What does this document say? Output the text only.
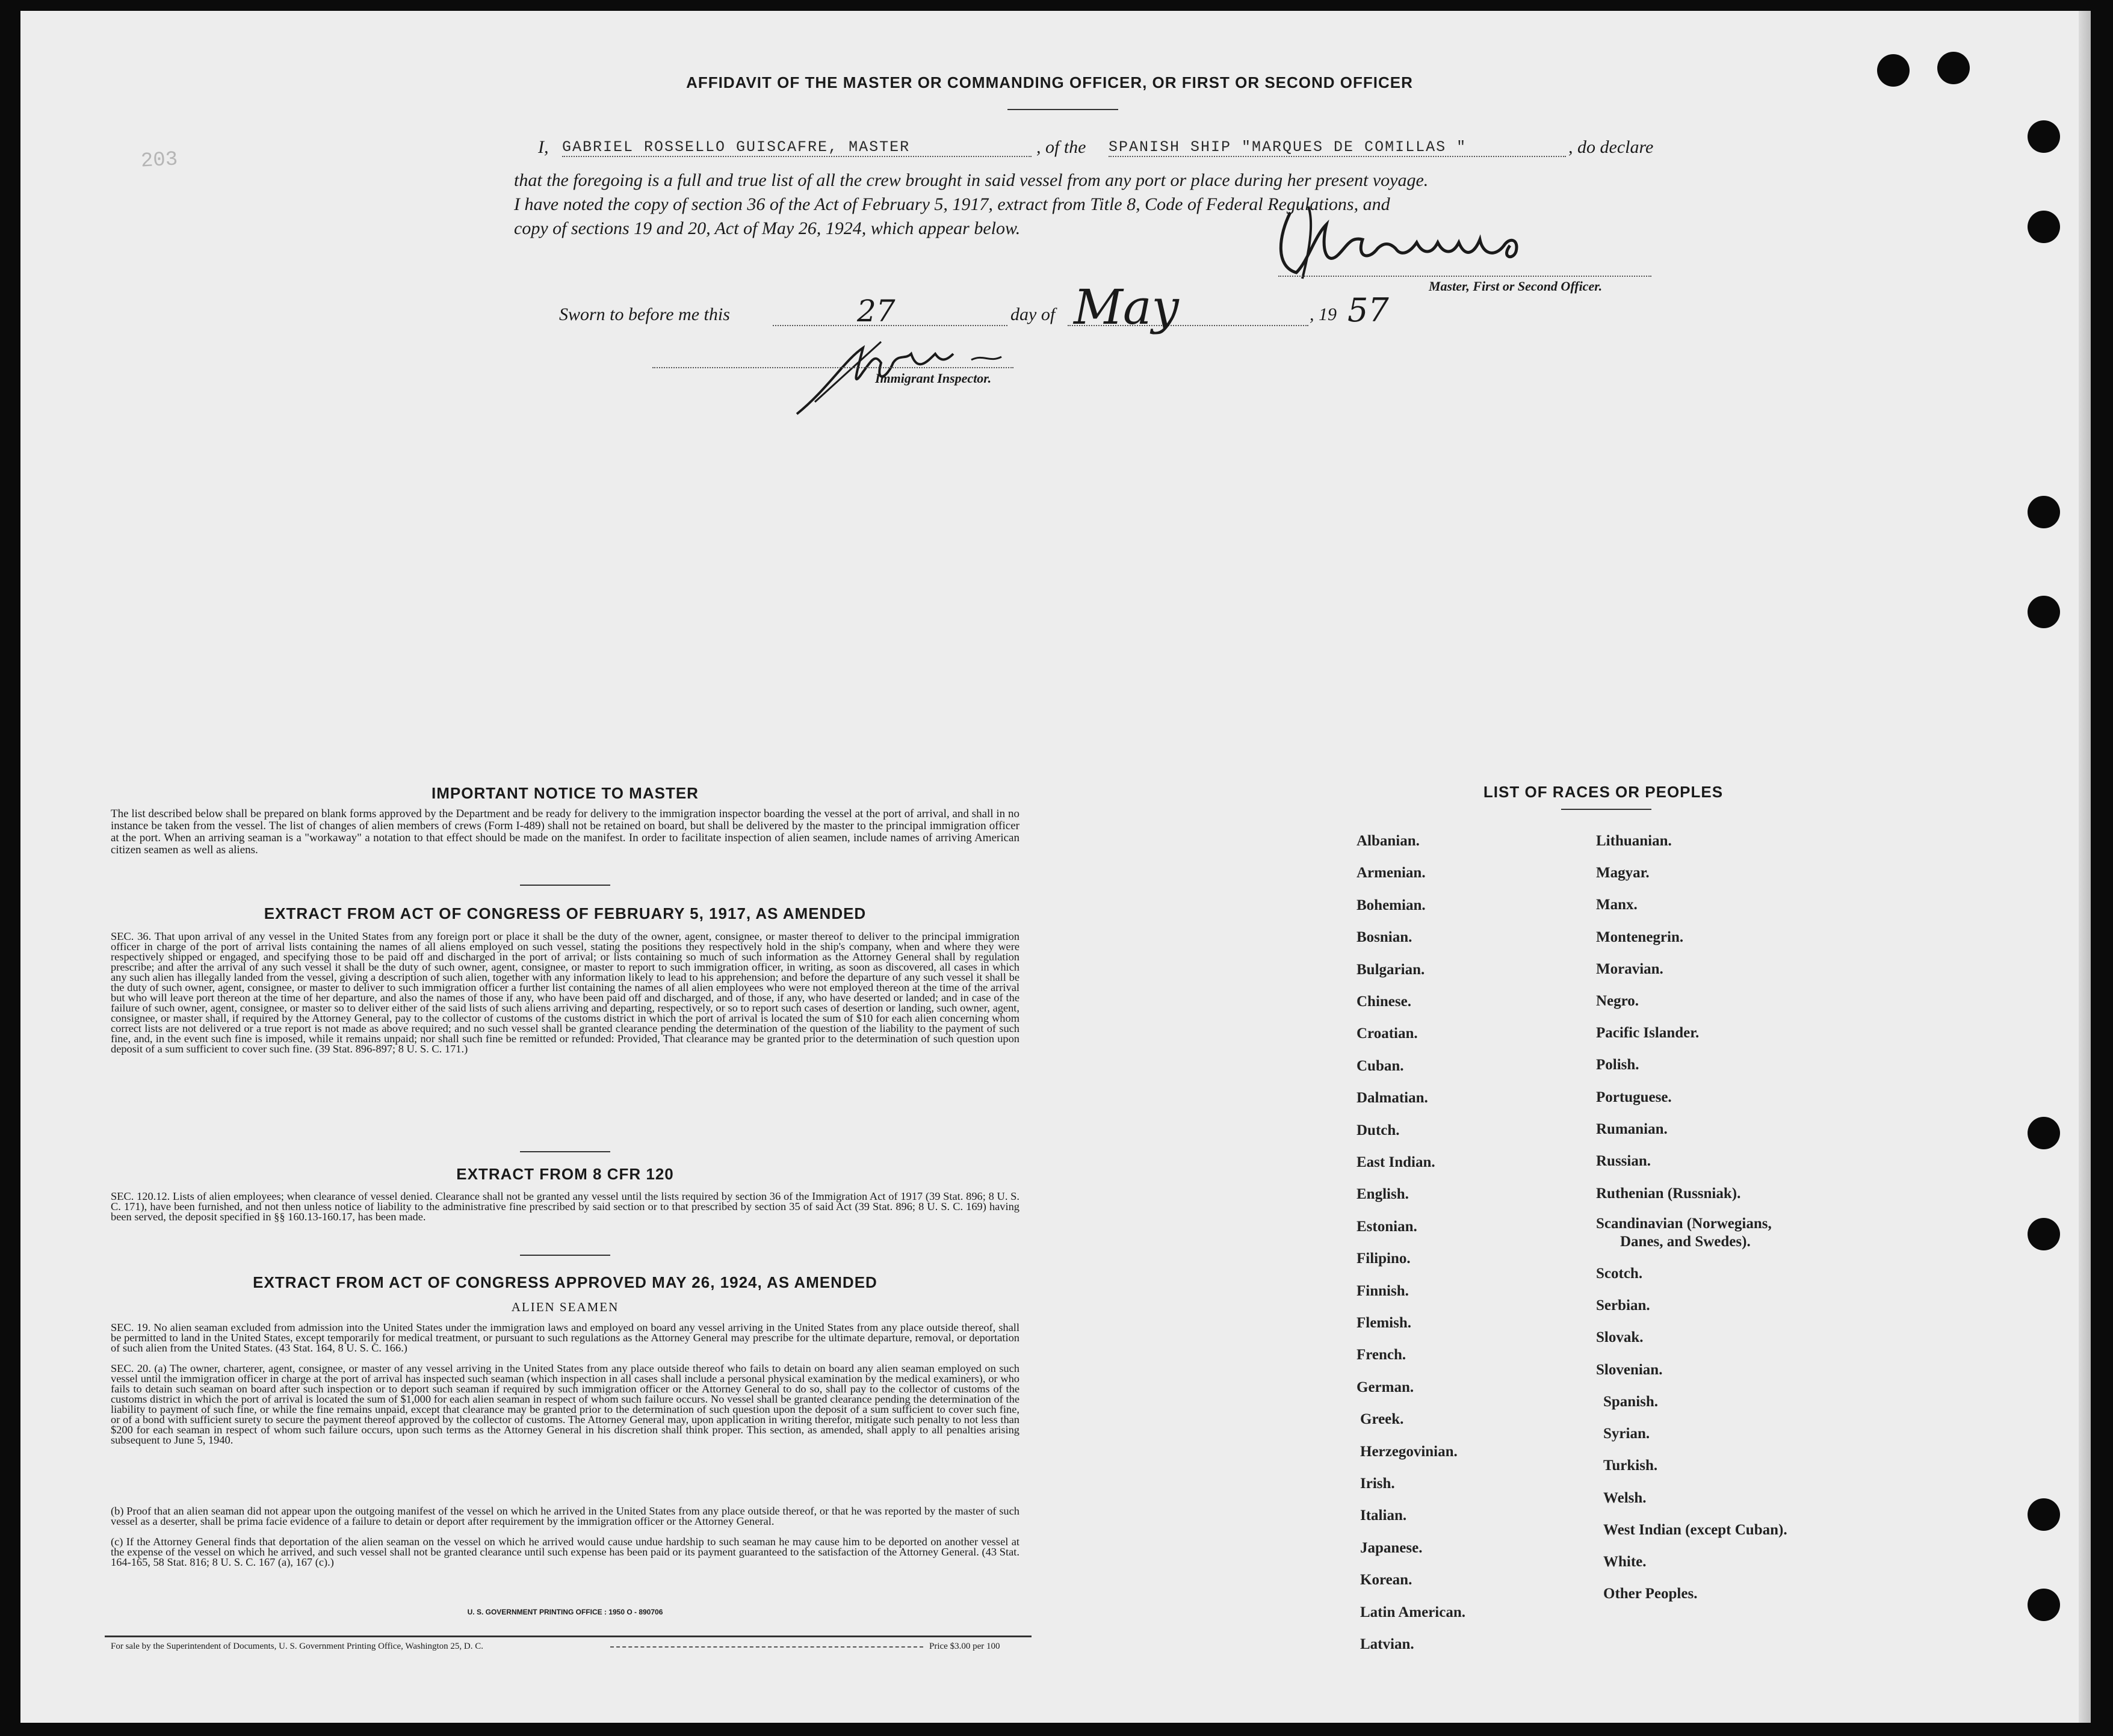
203
AFFIDAVIT OF THE MASTER OR COMMANDING OFFICER, OR FIRST OR SECOND OFFICER
I, GABRIEL ROSSELLO GUISCAFRE, MASTER	, of the SPANISH SHIP "MARQUES DE COMILLAS "	, do declare
that the foregoing is a full and true list of all the crew brought in said vessel from any port or place during her present voyage.
I have noted the copy of section 36 of the Act of February 5, 1917, extract from Title 8, Code of Federal Regulations, and
copy of sections 19 and 20, Act of May 26, 1924, which appear below.
Master, First or Second Officer.
Sworn to before me this	27	day of May	, 19 57
Immigrant Inspector.
IMPORTANT NOTICE TO MASTER
The list described below shall be prepared on blank forms approved by the Department and be ready for delivery to the immigration inspector boarding the vessel at the port of arrival, and shall in no instance be taken from the vessel. The list of changes of alien members of crews (Form I-489) shall not be retained on board, but shall be delivered by the master to the principal immigration officer at the port. When an arriving seaman is a "workaway" a notation to that effect should be made on the manifest. In order to facilitate inspection of alien seamen, include names of arriving American citizen seamen as well as aliens.
EXTRACT FROM ACT OF CONGRESS OF FEBRUARY 5, 1917, AS AMENDED
SEC. 36. That upon arrival of any vessel in the United States from any foreign port or place it shall be the duty of the owner, agent, consignee, or master thereof to deliver to the principal immigration officer in charge of the port of arrival lists containing the names of all aliens employed on such vessel, stating the positions they respectively hold in the ship's company, when and where they were respectively shipped or engaged, and specifying those to be paid off and discharged in the port of arrival; or lists containing so much of such information as the Attorney General shall by regulation prescribe; and after the arrival of any such vessel it shall be the duty of such owner, agent, consignee, or master to report to such immigration officer, in writing, as soon as discovered, all cases in which any such alien has illegally landed from the vessel, giving a description of such alien, together with any information likely to lead to his apprehension; and before the departure of any such vessel it shall be the duty of such owner, agent, consignee, or master to deliver to such immigration officer a further list containing the names of all alien employees who were not employed thereon at the time of the arrival but who will leave port thereon at the time of her departure, and also the names of those if any, who have been paid off and discharged, and of those, if any, who have deserted or landed; and in case of the failure of such owner, agent, consignee, or master so to deliver either of the said lists of such aliens arriving and departing, respectively, or so to report such cases of desertion or landing, such owner, agent, consignee, or master shall, if required by the Attorney General, pay to the collector of customs of the customs district in which the port of arrival is located the sum of $10 for each alien concerning whom correct lists are not delivered or a true report is not made as above required; and no such vessel shall be granted clearance pending the determination of the question of the liability to the payment of such fine, and, in the event such fine is imposed, while it remains unpaid; nor shall such fine be remitted or refunded: Provided, That clearance may be granted prior to the determination of such question upon deposit of a sum sufficient to cover such fine. (39 Stat. 896-897; 8 U. S. C. 171.)
EXTRACT FROM 8 CFR 120
SEC. 120.12. Lists of alien employees; when clearance of vessel denied. Clearance shall not be granted any vessel until the lists required by section 36 of the Immigration Act of 1917 (39 Stat. 896; 8 U. S. C. 171), have been furnished, and not then unless notice of liability to the administrative fine prescribed by said section or to that prescribed by section 35 of said Act (39 Stat. 896; 8 U. S. C. 169) having been served, the deposit specified in §§ 160.13-160.17, has been made.
EXTRACT FROM ACT OF CONGRESS APPROVED MAY 26, 1924, AS AMENDED
ALIEN SEAMEN
SEC. 19. No alien seaman excluded from admission into the United States under the immigration laws and employed on board any vessel arriving in the United States from any place outside thereof, shall be permitted to land in the United States, except temporarily for medical treatment, or pursuant to such regulations as the Attorney General may prescribe for the ultimate departure, removal, or deportation of such alien from the United States. (43 Stat. 164, 8 U. S. C. 166.)
SEC. 20. (a) The owner, charterer, agent, consignee, or master of any vessel arriving in the United States from any place outside thereof who fails to detain on board any alien seaman employed on such vessel until the immigration officer in charge at the port of arrival has inspected such seaman (which inspection in all cases shall include a personal physical examination by the medical examiners), or who fails to detain such seaman on board after such inspection or to deport such seaman if required by such immigration officer or the Attorney General to do so, shall pay to the collector of customs of the customs district in which the port of arrival is located the sum of $1,000 for each alien seaman in respect of whom such failure occurs. No vessel shall be granted clearance pending the determination of the liability to payment of such fine, or while the fine remains unpaid, except that clearance may be granted prior to the determination of such question upon the deposit of a sum sufficient to cover such fine, or of a bond with sufficient surety to secure the payment thereof approved by the collector of customs. The Attorney General may, upon application in writing therefor, mitigate such penalty to not less than $200 for each seaman in respect of whom such failure occurs, upon such terms as the Attorney General in his discretion shall think proper. This section, as amended, shall apply to all penalties arising subsequent to June 5, 1940.
(b) Proof that an alien seaman did not appear upon the outgoing manifest of the vessel on which he arrived in the United States from any place outside thereof, or that he was reported by the master of such vessel as a deserter, shall be prima facie evidence of a failure to detain or deport after requirement by the immigration officer or the Attorney General.
(c) If the Attorney General finds that deportation of the alien seaman on the vessel on which he arrived would cause undue hardship to such seaman he may cause him to be deported on another vessel at the expense of the vessel on which he arrived, and such vessel shall not be granted clearance until such expense has been paid or its payment guaranteed to the satisfaction of the Attorney General. (43 Stat. 164-165, 58 Stat. 816; 8 U. S. C. 167 (a), 167 (c).)
U. S. GOVERNMENT PRINTING OFFICE : 1950 O - 890706
For sale by the Superintendent of Documents, U. S. Government Printing Office, Washington 25, D. C.	Price $3.00 per 100
LIST OF RACES OR PEOPLES
Albanian.
Armenian.
Bohemian.
Bosnian.
Bulgarian.
Chinese.
Croatian.
Cuban.
Dalmatian.
Dutch.
East Indian.
English.
Estonian.
Filipino.
Finnish.
Flemish.
French.
German.
Greek.
Herzegovinian.
Irish.
Italian.
Japanese.
Korean.
Latin American.
Latvian.
Lithuanian.
Magyar.
Manx.
Montenegrin.
Moravian.
Negro.
Pacific Islander.
Polish.
Portuguese.
Rumanian.
Russian.
Ruthenian (Russniak).
Scandinavian (Norwegians,
Danes, and Swedes).
Scotch.
Serbian.
Slovak.
Slovenian.
Spanish.
Syrian.
Turkish.
Welsh.
West Indian (except Cuban).
White.
Other Peoples.
